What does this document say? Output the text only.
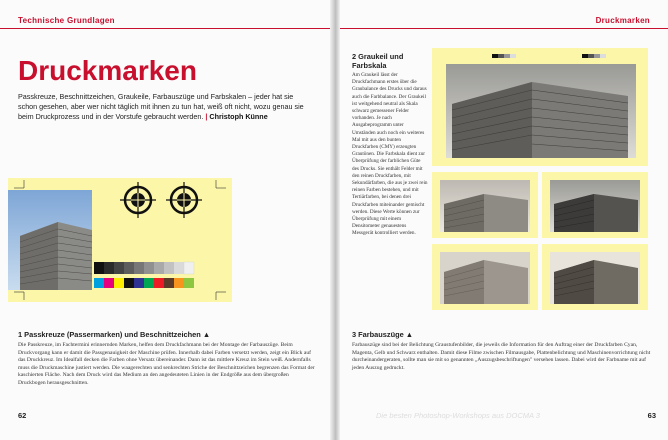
Technische Grundlagen
Druckmarken
Passkreuze, Beschnittzeichen, Graukeile, Farbauszüge und Farbskalen – jeder hat sie schon gesehen, aber wer nicht täglich mit ihnen zu tun hat, weiß oft nicht, wozu genau sie beim Druckprozess und in der Vorstufe gebraucht werden. | Christoph Künne
1 Passkreuze (Passermarken) und Beschnittzeichen ▲
Die Passkreuze, im Fachtermini erinnernden Marken, helfen dem Druckfachmann bei der Montage der Farbauszüge. Beim Druckvorgang kann er damit die Passgenauigkeit der Maschine prüfen. Innerhalb dabei Farben versetzt werden, zeigt ein Blick auf das Druckkreuz. Im Idealfall decken die Farben ohne Versatz übereinander. Dann ist das mittlere Kreuz im Stein weiß. Andernfalls muss die Druckmaschine justiert werden. Die waagerechten und senkrechten Striche der Beschnittzeichen begrenzen das Format der kaschierten Fläche. Nach dem Druck wird das Medium an den angedeuteten Linien in der Endgröße aus dem übergroßen Druckbogen herausgeschnitten.
62
Druckmarken
2 Graukeil und Farbskala
Am Graukeil lässt der Druckfachmann erstes über die Graubalance des Drucks und daraus auch die Farbbalance. Der Graukeil ist weitgehend neutral als Skala schwarz gemessener Felder vorhanden. Je nach Ausgabeprogramm unter Umständen auch noch ein weiteres Mal mit aus den bunten Druckfarben (CMY) erzeugten Grautönen. Die Farbskala dient zur Überprüfung der farblichen Güte des Drucks. Sie enthält Felder mit den reinen Druckfarben, mit Sekundärfarben, die aus je zwei rein reinen Farben bestehen, und mit Tertiärfarben, bei denen drei Druckfarben miteinander gemischt werden. Diese Werte können zur Überprüfung mit einem Densitometer genauestens Messgerät kontrolliert werden.
3 Farbauszüge ▲
Farbauszüge sind bei der Belichtung Graustufenbilder, die jeweils die Information für den Auftrag einer der Druckfarben Cyan, Magenta, Gelb und Schwarz enthalten. Damit diese Filme zwischen Filmausgabe, Plattenbelichtung und Maschinenvorrichtung nicht durcheinandergeraten, sollte man sie mit so genannten „Auszugsbeschriftungen" versehen lassen. Dabei wird der Farbname mit auf jeden Auszug gedruckt.
Die besten Photoshop-Workshops aus DOCMA 3	63
